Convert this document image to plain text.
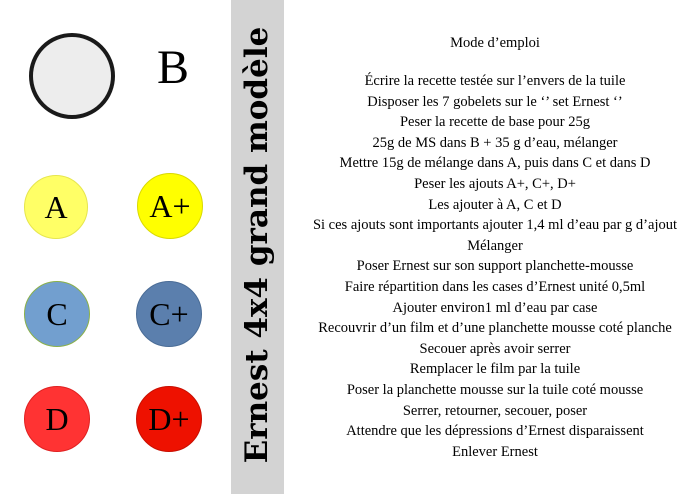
B
A	A+
C	C+
D	D+	Ernest 4x4 grand modèle	Mode d’emploi
Écrire la recette testée sur l’envers de la tuile
Disposer les 7 gobelets sur le ‘’ set Ernest ‘’
Peser la recette de base pour 25g
25g de MS dans B + 35 g d’eau, mélanger
Mettre 15g de mélange dans A, puis dans C et dans D
Peser les ajouts A+, C+, D+
Les ajouter à A, C et D
Si ces ajouts sont importants ajouter 1,4 ml d’eau par g d’ajout
Mélanger
Poser Ernest sur son support planchette-mousse
Faire répartition dans les cases d’Ernest unité 0,5ml
Ajouter environ1 ml d’eau par case
Recouvrir d’un film et d’une planchette mousse coté planche
Secouer après avoir serrer
Remplacer le film par la tuile
Poser la planchette mousse sur la tuile coté mousse
Serrer, retourner, secouer, poser
Attendre que les dépressions d’Ernest disparaissent
Enlever Ernest
